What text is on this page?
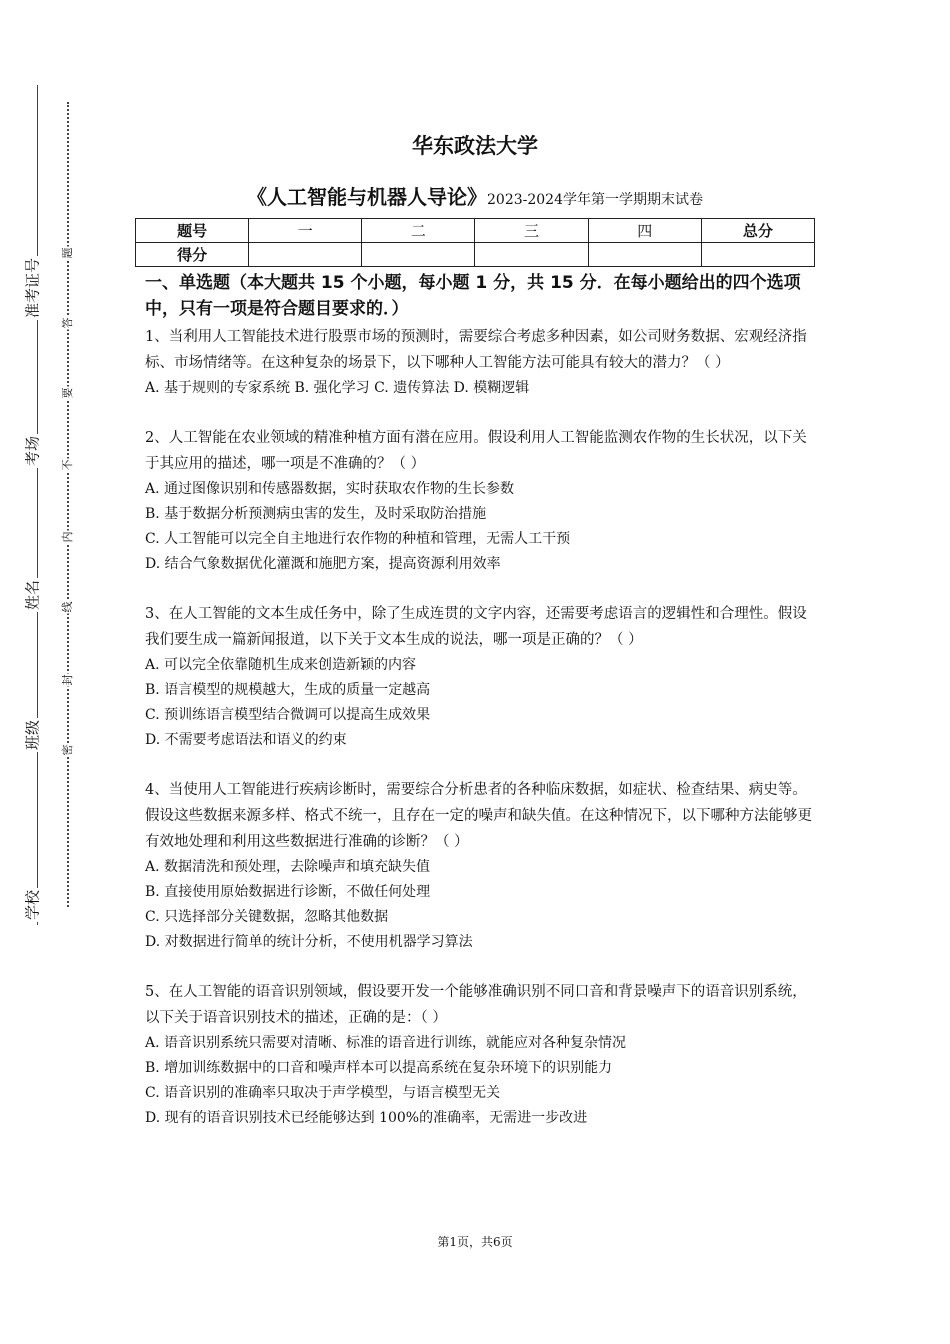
准考证号
考场
姓名
班级
学校
题
答
要
不
内
线
封
密
华东政法大学
《人工智能与机器人导论》2023-2024学年第一学期期末试卷
题号	一	二	三	四	总分
得分					
一、单选题（本大题共 15 个小题，每小题 1 分，共 15 分．在每小题给出的四个选项中，只有一项是符合题目要求的．）
1、当利用人工智能技术进行股票市场的预测时，需要综合考虑多种因素，如公司财务数据、宏观经济指标、市场情绪等。在这种复杂的场景下，以下哪种人工智能方法可能具有较大的潜力？（ ）
A. 基于规则的专家系统 B. 强化学习 C. 遗传算法 D. 模糊逻辑
2、人工智能在农业领域的精准种植方面有潜在应用。假设利用人工智能监测农作物的生长状况，以下关于其应用的描述，哪一项是不准确的？（ ）
A. 通过图像识别和传感器数据，实时获取农作物的生长参数
B. 基于数据分析预测病虫害的发生，及时采取防治措施
C. 人工智能可以完全自主地进行农作物的种植和管理，无需人工干预
D. 结合气象数据优化灌溉和施肥方案，提高资源利用效率
3、在人工智能的文本生成任务中，除了生成连贯的文字内容，还需要考虑语言的逻辑性和合理性。假设我们要生成一篇新闻报道，以下关于文本生成的说法，哪一项是正确的？（ ）
A. 可以完全依靠随机生成来创造新颖的内容
B. 语言模型的规模越大，生成的质量一定越高
C. 预训练语言模型结合微调可以提高生成效果
D. 不需要考虑语法和语义的约束
4、当使用人工智能进行疾病诊断时，需要综合分析患者的各种临床数据，如症状、检查结果、病史等。假设这些数据来源多样、格式不统一，且存在一定的噪声和缺失值。在这种情况下，以下哪种方法能够更有效地处理和利用这些数据进行准确的诊断？（ ）
A. 数据清洗和预处理，去除噪声和填充缺失值
B. 直接使用原始数据进行诊断，不做任何处理
C. 只选择部分关键数据，忽略其他数据
D. 对数据进行简单的统计分析，不使用机器学习算法
5、在人工智能的语音识别领域，假设要开发一个能够准确识别不同口音和背景噪声下的语音识别系统，以下关于语音识别技术的描述，正确的是：（ ）
A. 语音识别系统只需要对清晰、标准的语音进行训练，就能应对各种复杂情况
B. 增加训练数据中的口音和噪声样本可以提高系统在复杂环境下的识别能力
C. 语音识别的准确率只取决于声学模型，与语言模型无关
D. 现有的语音识别技术已经能够达到 100%的准确率，无需进一步改进
第1页，共6页
